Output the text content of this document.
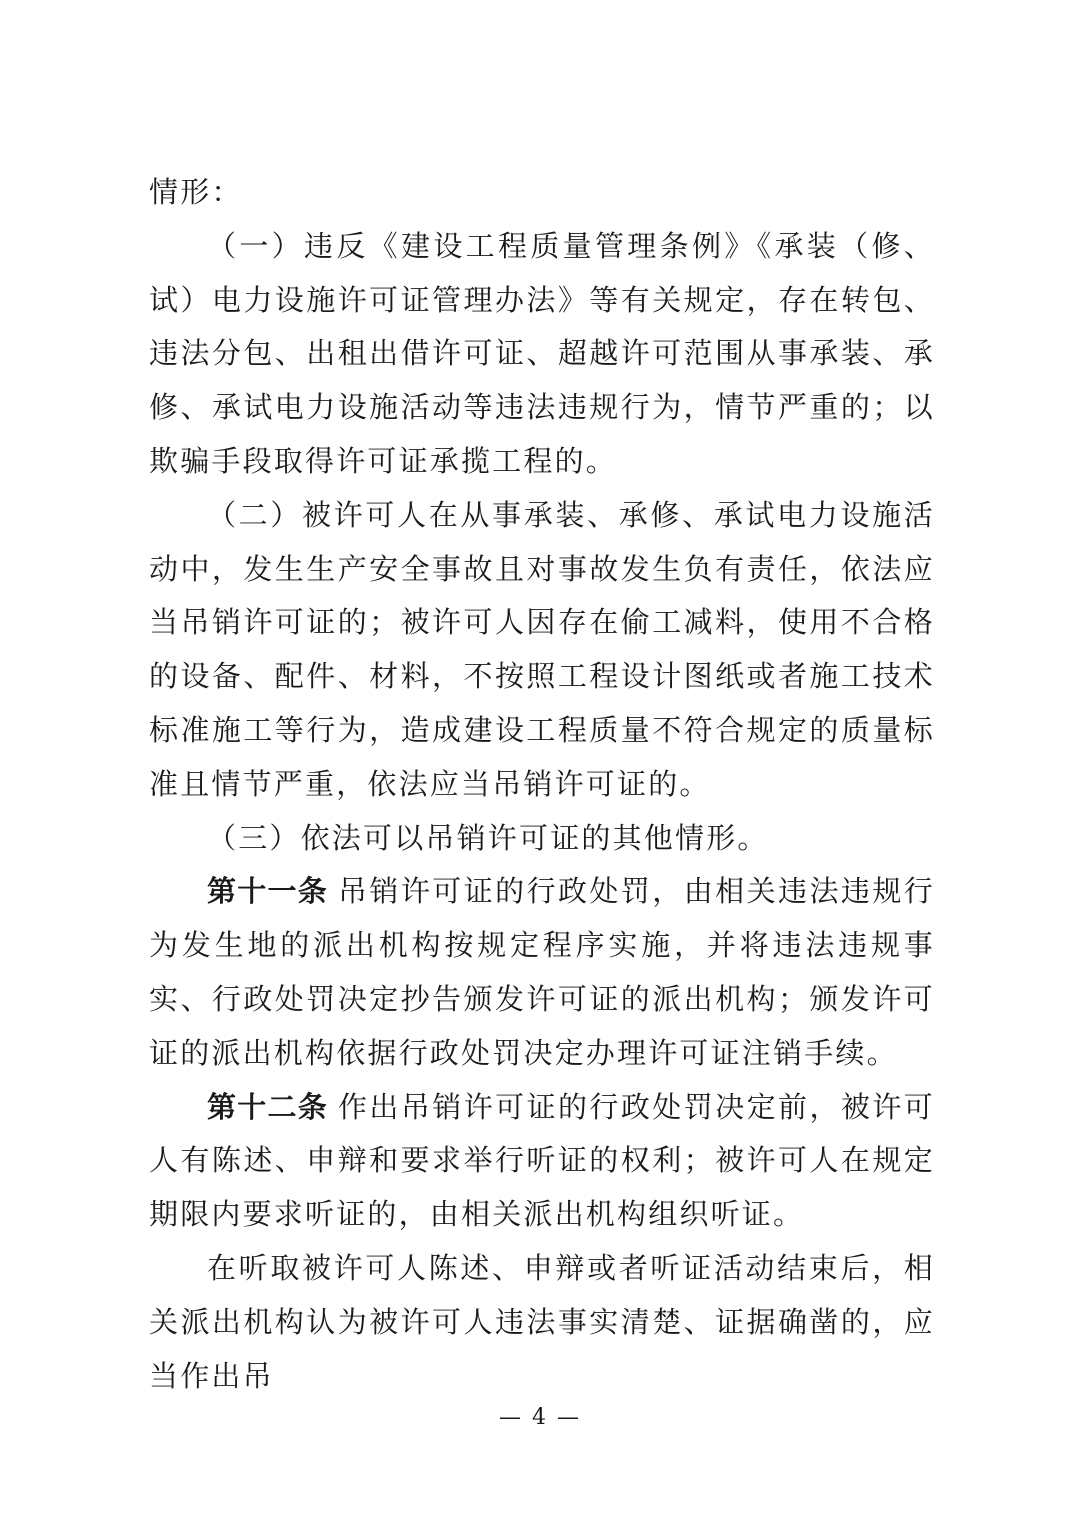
情形：

（一）违反《建设工程质量管理条例》《承装（修、试）电力设施许可证管理办法》等有关规定，存在转包、违法分包、出租出借许可证、超越许可范围从事承装、承修、承试电力设施活动等违法违规行为，情节严重的；以欺骗手段取得许可证承揽工程的。

（二）被许可人在从事承装、承修、承试电力设施活动中，发生生产安全事故且对事故发生负有责任，依法应当吊销许可证的；被许可人因存在偷工减料，使用不合格的设备、配件、材料，不按照工程设计图纸或者施工技术标准施工等行为，造成建设工程质量不符合规定的质量标准且情节严重，依法应当吊销许可证的。

（三）依法可以吊销许可证的其他情形。

第十一条 吊销许可证的行政处罚，由相关违法违规行为发生地的派出机构按规定程序实施，并将违法违规事实、行政处罚决定抄告颁发许可证的派出机构；颁发许可证的派出机构依据行政处罚决定办理许可证注销手续。

第十二条 作出吊销许可证的行政处罚决定前，被许可人有陈述、申辩和要求举行听证的权利；被许可人在规定期限内要求听证的，由相关派出机构组织听证。

在听取被许可人陈述、申辩或者听证活动结束后，相关派出机构认为被许可人违法事实清楚、证据确凿的，应当作出吊

— 4 —
